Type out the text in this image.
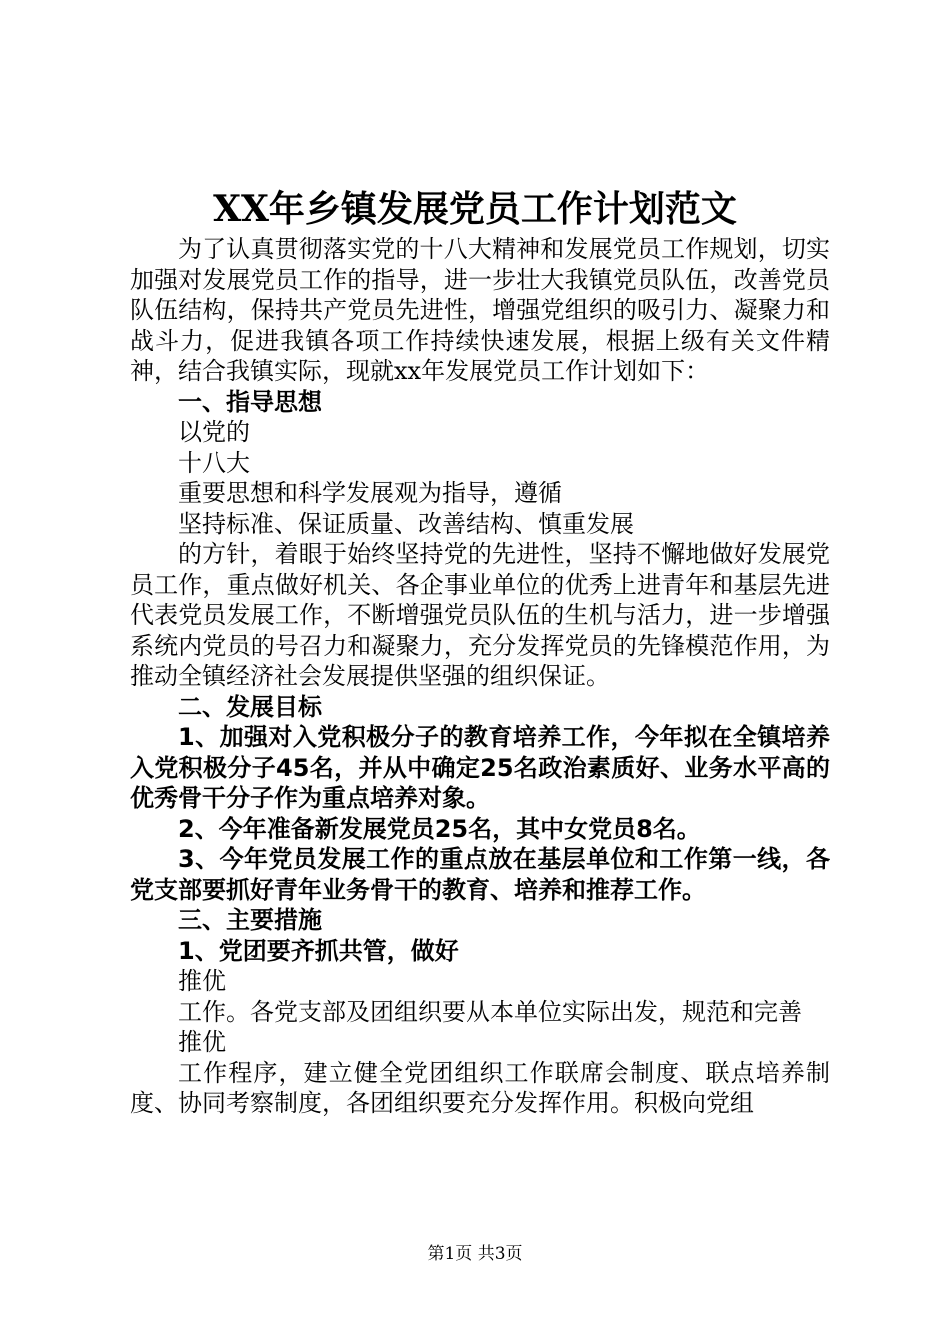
XX年乡镇发展党员工作计划范文

为了认真贯彻落实党的十八大精神和发展党员工作规划，切实加强对发展党员工作的指导，进一步壮大我镇党员队伍，改善党员队伍结构，保持共产党员先进性，增强党组织的吸引力、凝聚力和战斗力，促进我镇各项工作持续快速发展，根据上级有关文件精神，结合我镇实际，现就xx年发展党员工作计划如下：

一、指导思想

以党的

十八大

重要思想和科学发展观为指导，遵循

坚持标准、保证质量、改善结构、慎重发展

的方针，着眼于始终坚持党的先进性，坚持不懈地做好发展党员工作，重点做好机关、各企事业单位的优秀上进青年和基层先进代表党员发展工作，不断增强党员队伍的生机与活力，进一步增强系统内党员的号召力和凝聚力，充分发挥党员的先锋模范作用，为推动全镇经济社会发展提供坚强的组织保证。

二、发展目标

1、加强对入党积极分子的教育培养工作，今年拟在全镇培养入党积极分子45名，并从中确定25名政治素质好、业务水平高的优秀骨干分子作为重点培养对象。

2、今年准备新发展党员25名，其中女党员8名。

3、今年党员发展工作的重点放在基层单位和工作第一线，各党支部要抓好青年业务骨干的教育、培养和推荐工作。

三、主要措施

1、党团要齐抓共管，做好

推优

工作。各党支部及团组织要从本单位实际出发，规范和完善

推优

工作程序，建立健全党团组织工作联席会制度、联点培养制度、协同考察制度，各团组织要充分发挥作用。积极向党组

第1页 共3页
